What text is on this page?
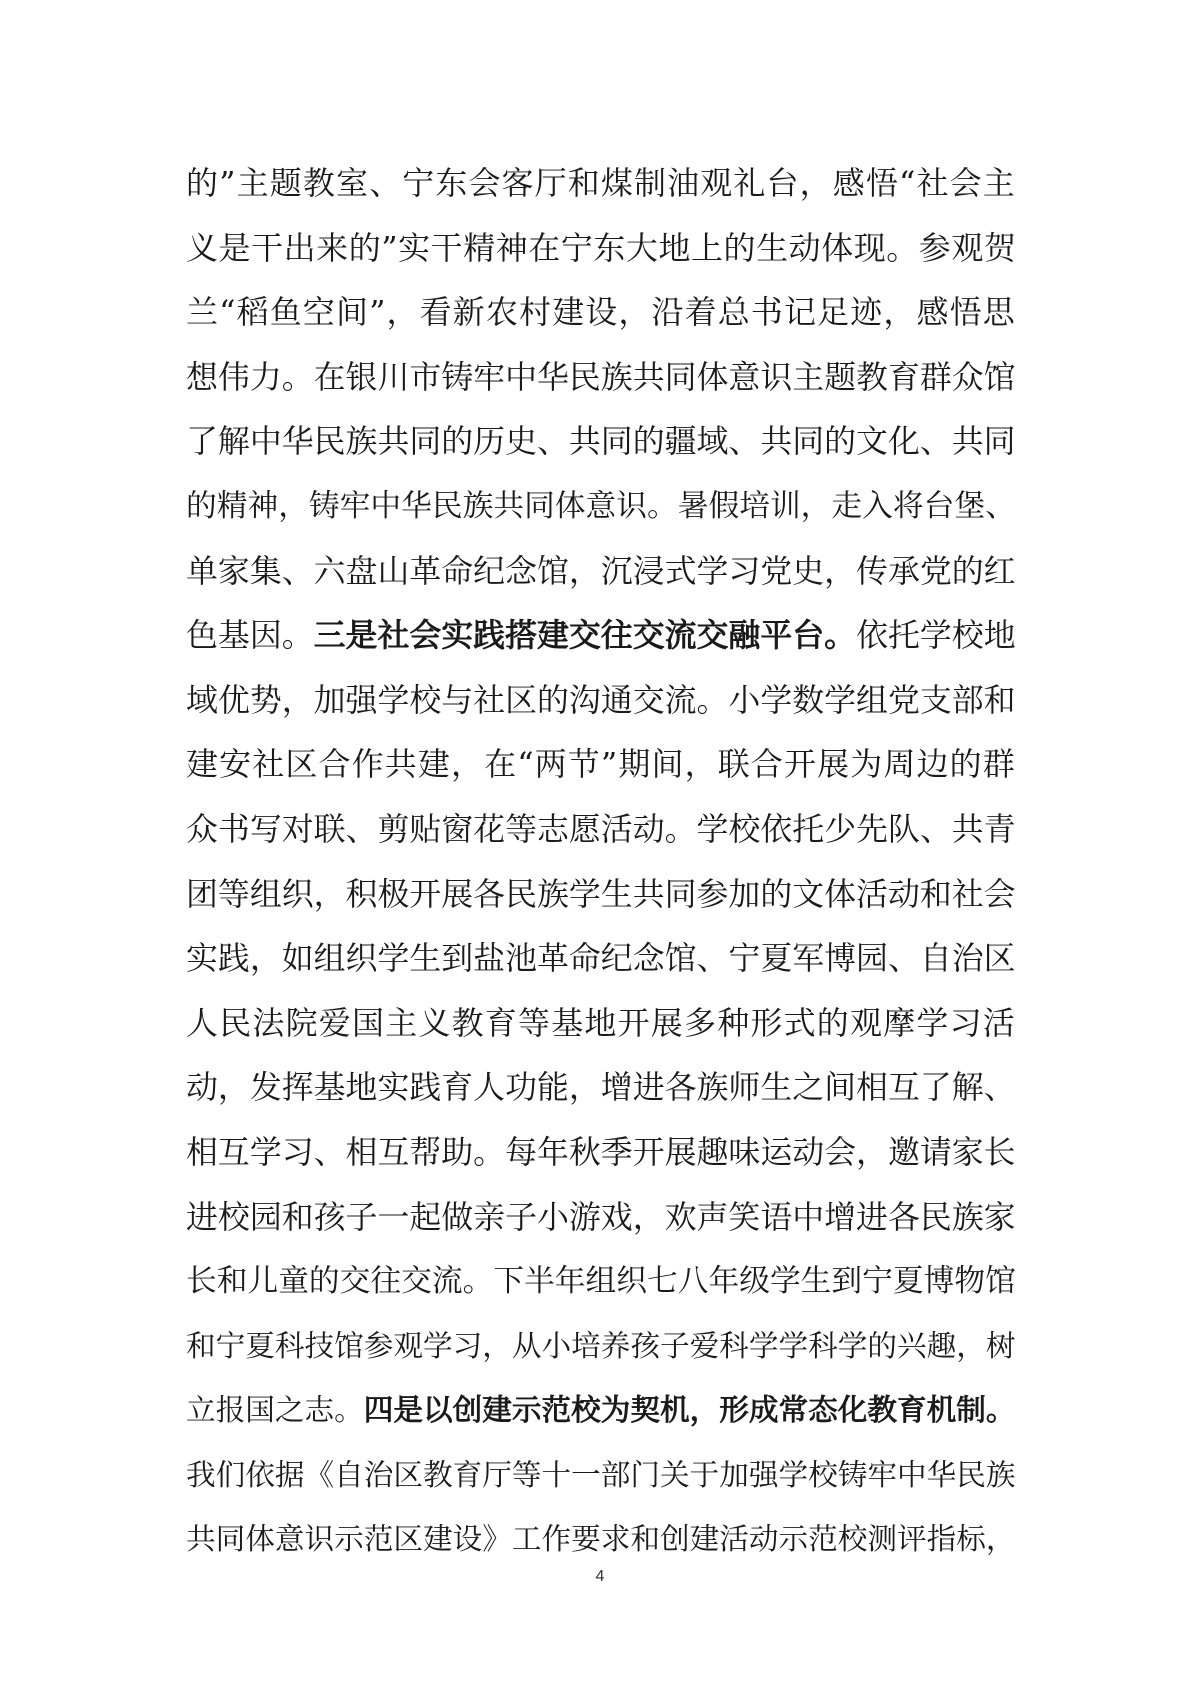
的”主题教室、宁东会客厅和煤制油观礼台，感悟“社会主
义是干出来的”实干精神在宁东大地上的生动体现。参观贺
兰“稻鱼空间”，看新农村建设，沿着总书记足迹，感悟思
想伟力。在银川市铸牢中华民族共同体意识主题教育群众馆
了解中华民族共同的历史、共同的疆域、共同的文化、共同
的精神，铸牢中华民族共同体意识。暑假培训，走入将台堡、
单家集、六盘山革命纪念馆，沉浸式学习党史，传承党的红
色基因。三是社会实践搭建交往交流交融平台。依托学校地
域优势，加强学校与社区的沟通交流。小学数学组党支部和
建安社区合作共建，在“两节”期间，联合开展为周边的群
众书写对联、剪贴窗花等志愿活动。学校依托少先队、共青
团等组织，积极开展各民族学生共同参加的文体活动和社会
实践，如组织学生到盐池革命纪念馆、宁夏军博园、自治区
人民法院爱国主义教育等基地开展多种形式的观摩学习活
动，发挥基地实践育人功能，增进各族师生之间相互了解、
相互学习、相互帮助。每年秋季开展趣味运动会，邀请家长
进校园和孩子一起做亲子小游戏，欢声笑语中增进各民族家
长和儿童的交往交流。下半年组织七八年级学生到宁夏博物馆
和宁夏科技馆参观学习，从小培养孩子爱科学学科学的兴趣，树
立报国之志。四是以创建示范校为契机，形成常态化教育机制。
我们依据《自治区教育厅等十一部门关于加强学校铸牢中华民族
共同体意识示范区建设》工作要求和创建活动示范校测评指标，
4
